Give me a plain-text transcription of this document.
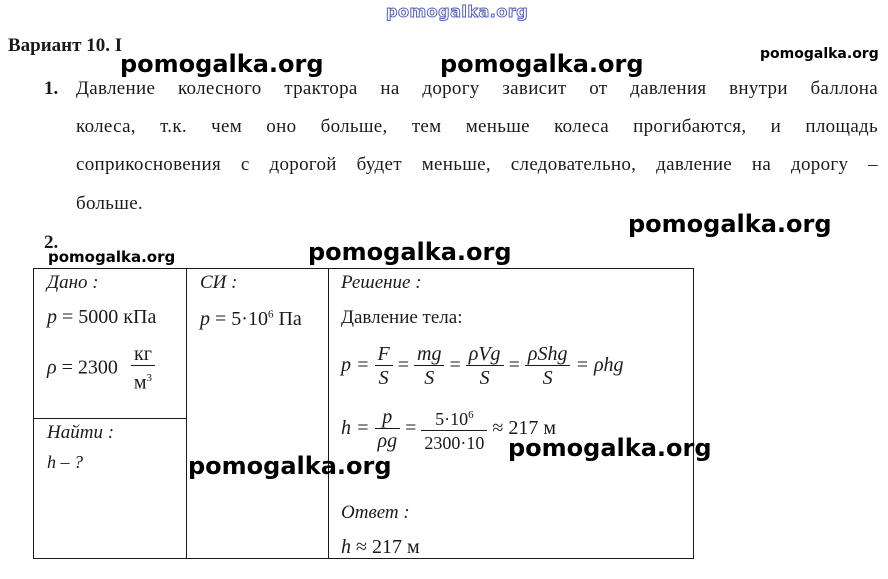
pomogalka.org
Вариант 10. I
pomogalka.org	pomogalka.org	pomogalka.org
1. Давление колесного трактора на дорогу зависит от давления внутри баллона
колеса, т.к. чем оно больше, тем меньше колеса прогибаются, и площадь
соприкосновения с дорогой будет меньше, следовательно, давление на дорогу –
больше.
pomogalka.org
2.
pomogalka.org	pomogalka.org
Дано :
p = 5000 кПа
$\rho = 2300 \frac{кг}{м^3}$
Найти :
h – ?
СИ :
$p = 5\cdot 10^6$ Па
Решение :
Давление тела:
$p = \frac{F}{S} = \frac{mg}{S} = \frac{\text{ρVg}}{S} = \frac{\text{ρShg}}{S} = \rho hg$
$h = \frac{p}{\rho g} = \frac{5\cdot 10^6}{2300\cdot 10} \approx 217$ м
pomogalka.org
pomogalka.org
Ответ :
h ≈ 217 м
